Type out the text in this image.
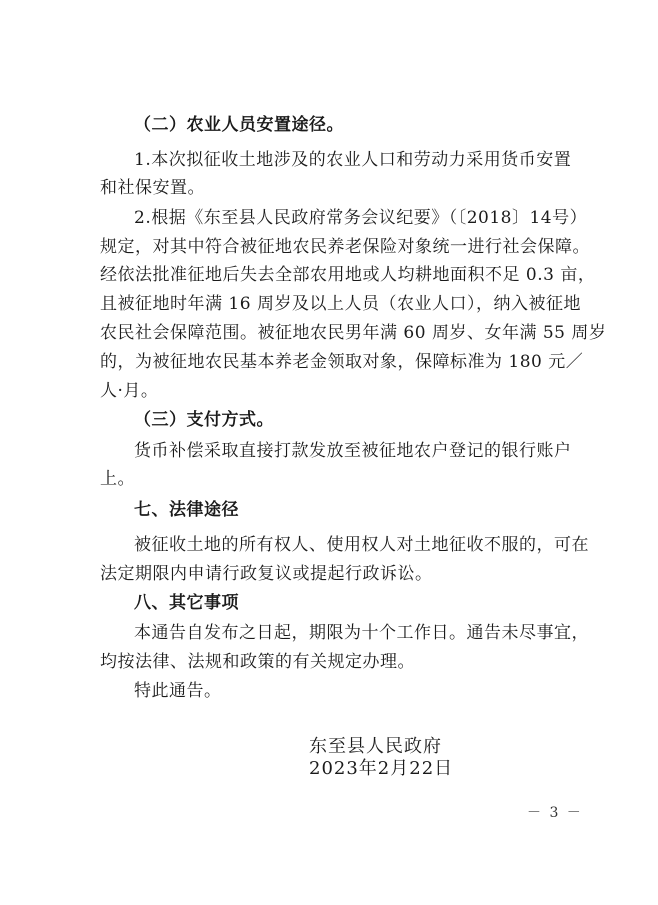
（二）农业人员安置途径。
1.本次拟征收土地涉及的农业人口和劳动力采用货币安置
和社保安置。
2.根据《东至县人民政府常务会议纪要》（〔2018〕14号）
规定，对其中符合被征地农民养老保险对象统一进行社会保障。
经依法批准征地后失去全部农用地或人均耕地面积不足 0.3 亩，
且被征地时年满 16 周岁及以上人员（农业人口），纳入被征地
农民社会保障范围。被征地农民男年满 60 周岁、女年满 55 周岁
的，为被征地农民基本养老金领取对象，保障标准为 180 元／
人·月。
（三）支付方式。
货币补偿采取直接打款发放至被征地农户登记的银行账户
上。
七、法律途径
被征收土地的所有权人、使用权人对土地征收不服的，可在
法定期限内申请行政复议或提起行政诉讼。
八、其它事项
本通告自发布之日起，期限为十个工作日。通告未尽事宜，
均按法律、法规和政策的有关规定办理。
特此通告。
东至县人民政府
2023年2月22日
－ 3 －
